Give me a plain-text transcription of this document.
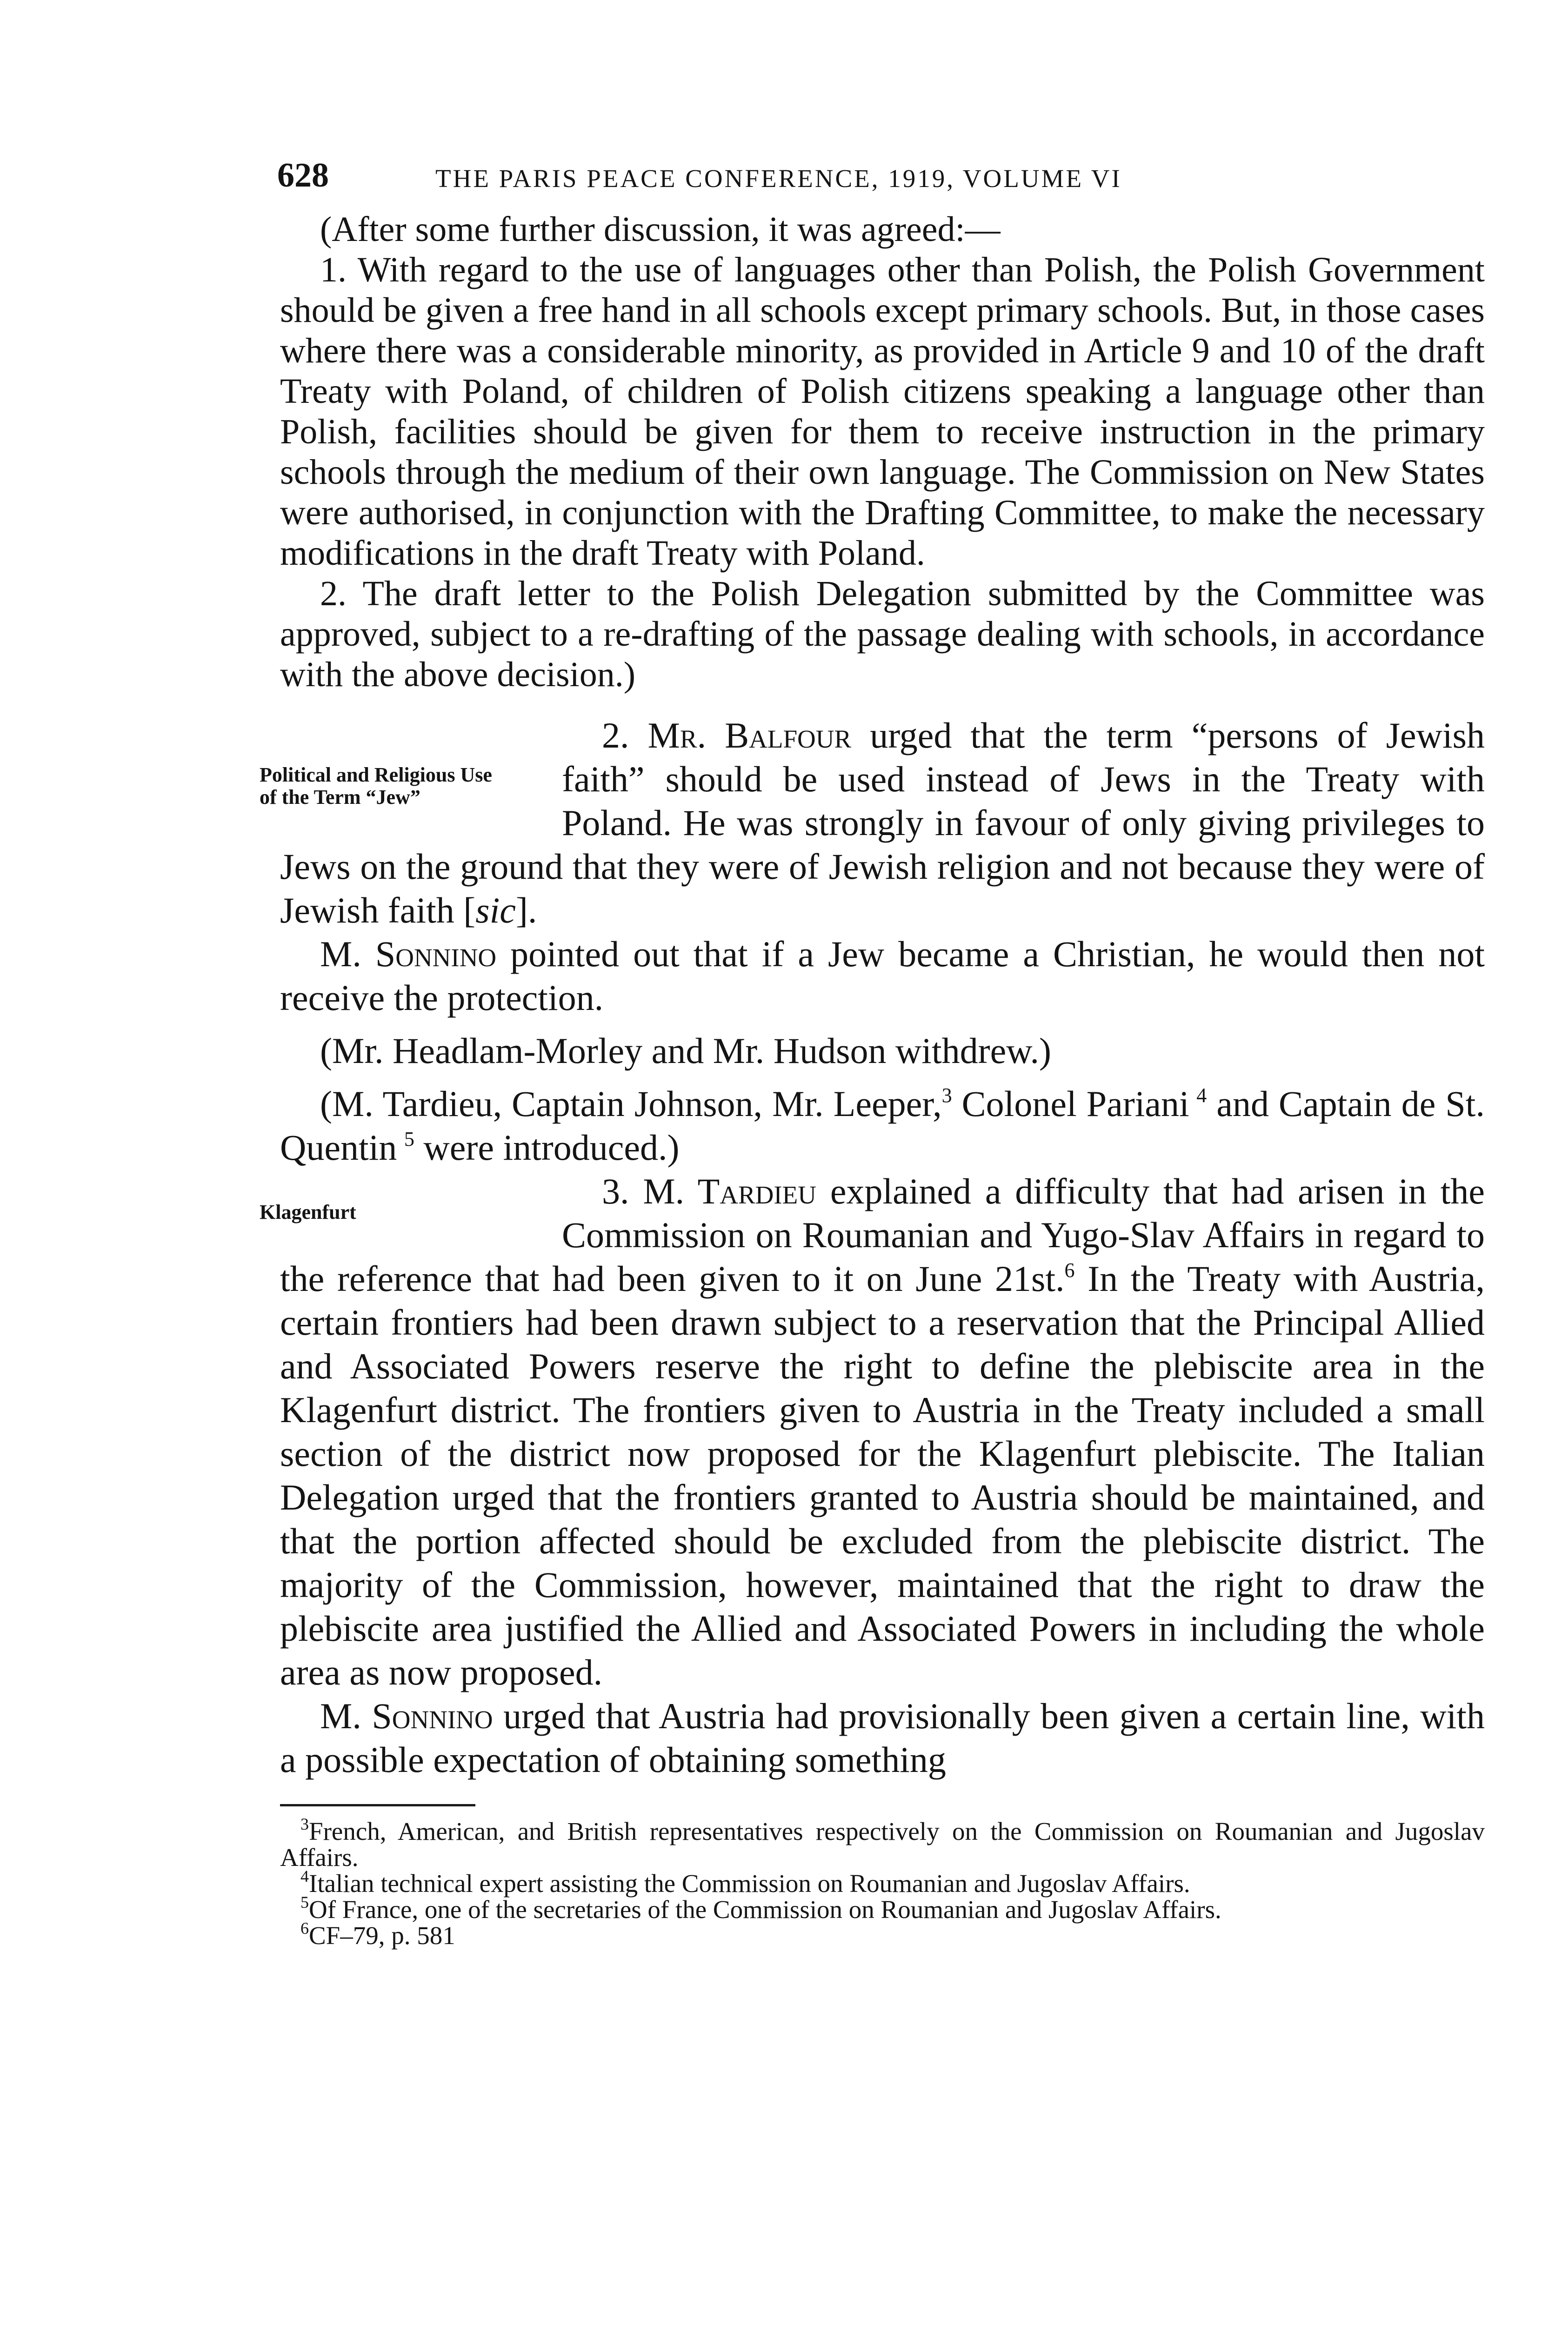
628	THE PARIS PEACE CONFERENCE, 1919, VOLUME VI

(After some further discussion, it was agreed:—

1. With regard to the use of languages other than Polish, the Polish Government should be given a free hand in all schools except primary schools. But, in those cases where there was a considerable minority, as provided in Article 9 and 10 of the draft Treaty with Poland, of children of Polish citizens speaking a language other than Polish, facilities should be given for them to receive instruction in the primary schools through the medium of their own language. The Commission on New States were authorised, in conjunction with the Drafting Committee, to make the necessary modifications in the draft Treaty with Poland.

2. The draft letter to the Polish Delegation submitted by the Committee was approved, subject to a re-drafting of the passage dealing with schools, in accordance with the above decision.)

Political and Religious Use of the Term “Jew”
2. Mr. Balfour urged that the term “persons of Jewish faith” should be used instead of Jews in the Treaty with Poland. He was strongly in favour of only giving privileges to Jews on the ground that they were of Jewish religion and not because they were of Jewish faith [sic].

M. Sonnino pointed out that if a Jew became a Christian, he would then not receive the protection.

(Mr. Headlam-Morley and Mr. Hudson withdrew.)

(M. Tardieu, Captain Johnson, Mr. Leeper,$^3$ Colonel Pariani  $^4$ and Captain de St. Quentin  $^5$ were introduced.)

Klagenfurt
3. M. Tardieu explained a difficulty that had arisen in the Commission on Roumanian and Yugo-Slav Affairs in regard to the reference that had been given to it on June 21st.$^6$ In the Treaty with Austria, certain frontiers had been drawn subject to a reservation that the Principal Allied and Associated Powers reserve the right to define the plebiscite area in the Klagenfurt district. The frontiers given to Austria in the Treaty included a small section of the district now proposed for the Klagenfurt plebiscite. The Italian Delegation urged that the frontiers granted to Austria should be maintained, and that the portion affected should be excluded from the plebiscite district. The majority of the Commission, however, maintained that the right to draw the plebiscite area justified the Allied and Associated Powers in including the whole area as now proposed.

M. Sonnino urged that Austria had provisionally been given a certain line, with a possible expectation of obtaining something

$^3$French, American, and British representatives respectively on the Commission on Roumanian and Jugoslav Affairs.

$^4$Italian technical expert assisting the Commission on Roumanian and Jugoslav Affairs.

$^5$Of France, one of the secretaries of the Commission on Roumanian and Jugoslav Affairs.

$^6$CF–79, p. 581
